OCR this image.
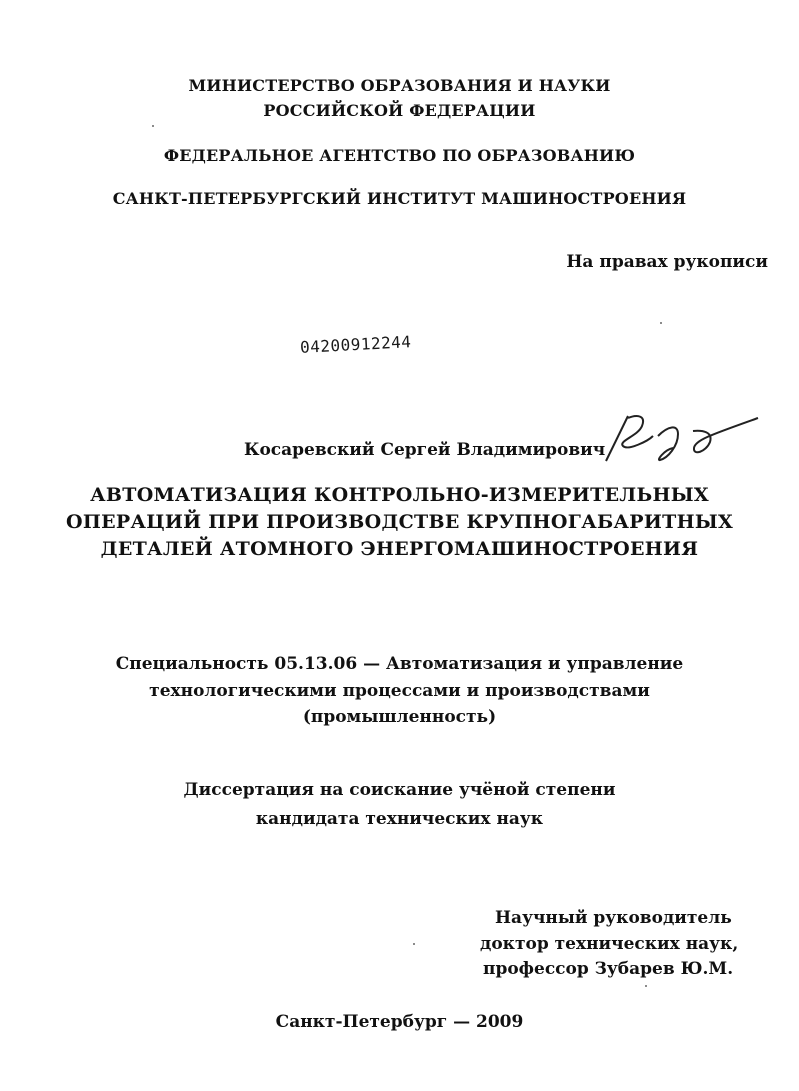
МИНИСТЕРСТВО ОБРАЗОВАНИЯ И НАУКИ
РОССИЙСКОЙ ФЕДЕРАЦИИ
ФЕДЕРАЛЬНОЕ АГЕНТСТВО ПО ОБРАЗОВАНИЮ
САНКТ-ПЕТЕРБУРГСКИЙ ИНСТИТУТ МАШИНОСТРОЕНИЯ
На правах рукописи
04200912244
Косаревский Сергей Владимирович
АВТОМАТИЗАЦИЯ КОНТРОЛЬНО-ИЗМЕРИТЕЛЬНЫХ
ОПЕРАЦИЙ ПРИ ПРОИЗВОДСТВЕ КРУПНОГАБАРИТНЫХ
ДЕТАЛЕЙ АТОМНОГО ЭНЕРГОМАШИНОСТРОЕНИЯ
Специальность 05.13.06 — Автоматизация и управление
технологическими процессами и производствами
(промышленность)
Диссертация на соискание учёной степени
кандидата технических наук
Научный руководитель
доктор технических наук,
профессор Зубарев Ю.М.
Санкт-Петербург — 2009
